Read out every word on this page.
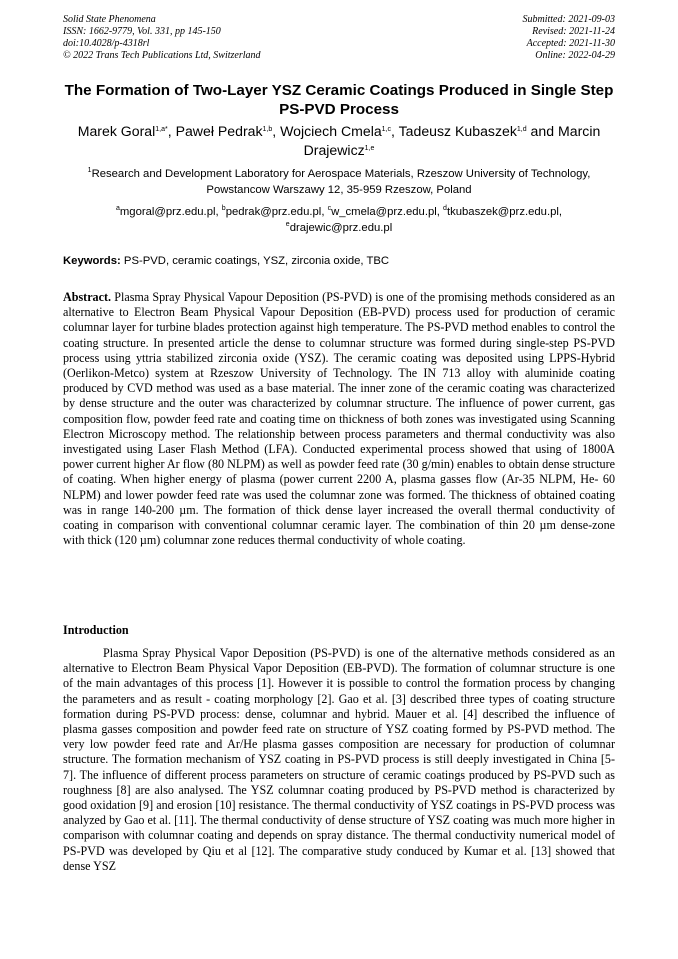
Solid State Phenomena
ISSN: 1662-9779, Vol. 331, pp 145-150
doi:10.4028/p-4318rl
© 2022 Trans Tech Publications Ltd, Switzerland
Submitted: 2021-09-03
Revised: 2021-11-24
Accepted: 2021-11-30
Online: 2022-04-29
The Formation of Two-Layer YSZ Ceramic Coatings Produced in Single Step PS-PVD Process
Marek Goral$^{1,a*}$, Paweł Pedrak$^{1,b}$, Wojciech Cmela$^{1,c}$, Tadeusz Kubaszek$^{1,d}$ and Marcin Drajewicz$^{1,e}$
$^1$Research and Development Laboratory for Aerospace Materials, Rzeszow University of Technology, Powstancow Warszawy 12, 35-959 Rzeszow, Poland
$^a$mgoral@prz.edu.pl, $^b$pedrak@prz.edu.pl, $^c$w_cmela@prz.edu.pl, $^d$tkubaszek@prz.edu.pl, $^e$drajewic@prz.edu.pl
Keywords: PS-PVD, ceramic coatings, YSZ, zirconia oxide, TBC
Abstract. Plasma Spray Physical Vapour Deposition (PS-PVD) is one of the promising methods considered as an alternative to Electron Beam Physical Vapour Deposition (EB-PVD) process used for production of ceramic columnar layer for turbine blades protection against high temperature. The PS-PVD method enables to control the coating structure. In presented article the dense to columnar structure was formed during single-step PS-PVD process using yttria stabilized zirconia oxide (YSZ). The ceramic coating was deposited using LPPS-Hybrid (Oerlikon-Metco) system at Rzeszow University of Technology. The IN 713 alloy with aluminide coating produced by CVD method was used as a base material. The inner zone of the ceramic coating was characterized by dense structure and the outer was characterized by columnar structure. The influence of power current, gas composition flow, powder feed rate and coating time on thickness of both zones was investigated using Scanning Electron Microscopy method. The relationship between process parameters and thermal conductivity was also investigated using Laser Flash Method (LFA). Conducted experimental process showed that using of 1800A power current higher Ar flow (80 NLPM) as well as powder feed rate (30 g/min) enables to obtain dense structure of coating. When higher energy of plasma (power current 2200 A, plasma gasses flow (Ar-35 NLPM, He- 60 NLPM) and lower powder feed rate was used the columnar zone was formed. The thickness of obtained coating was in range 140-200 µm. The formation of thick dense layer increased the overall thermal conductivity of coating in comparison with conventional columnar ceramic layer. The combination of thin 20 µm dense-zone with thick (120 µm) columnar zone reduces thermal conductivity of whole coating.
Introduction
Plasma Spray Physical Vapor Deposition (PS-PVD) is one of the alternative methods considered as an alternative to Electron Beam Physical Vapor Deposition (EB-PVD). The formation of columnar structure is one of the main advantages of this process [1]. However it is possible to control the formation process by changing the parameters and as result - coating morphology [2]. Gao et al. [3] described three types of coating structure formation during PS-PVD process: dense, columnar and hybrid. Mauer et al. [4] described the influence of plasma gasses composition and powder feed rate on structure of YSZ coating formed by PS-PVD method. The very low powder feed rate and Ar/He plasma gasses composition are necessary for production of columnar structure. The formation mechanism of YSZ coating in PS-PVD process is still deeply investigated in China [5-7]. The influence of different process parameters on structure of ceramic coatings produced by PS-PVD such as roughness [8] are also analysed. The YSZ columnar coating produced by PS-PVD method is characterized by good oxidation [9] and erosion [10] resistance. The thermal conductivity of YSZ coatings in PS-PVD process was analyzed by Gao et al. [11]. The thermal conductivity of dense structure of YSZ coating was much more higher in comparison with columnar coating and depends on spray distance. The thermal conductivity numerical model of PS-PVD was developed by Qiu et al [12]. The comparative study conduced by Kumar et al. [13] showed that dense YSZ
